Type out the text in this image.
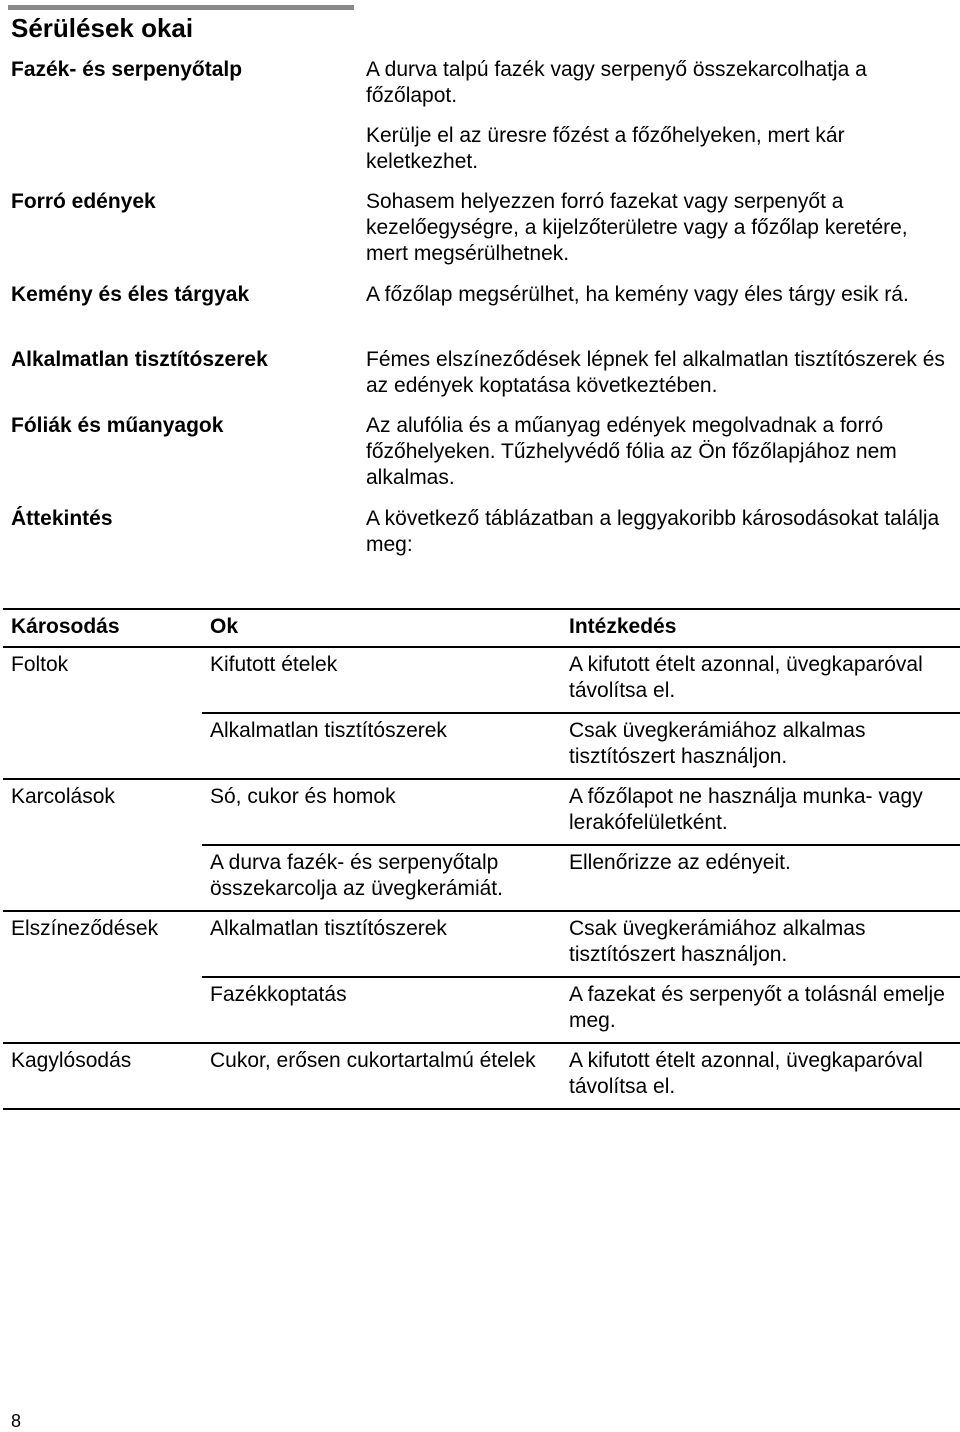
Sérülések okai
Fazék- és serpenyőtalp	A durva talpú fazék vagy serpenyő összekarcolhatja a főzőlapot.

Kerülje el az üresre főzést a főzőhelyeken, mert kár keletkezhet.

Forró edények	Sohasem helyezzen forró fazekat vagy serpenyőt a kezelőegységre, a kijelzőterületre vagy a főzőlap keretére, mert megsérülhetnek.

Kemény és éles tárgyak	A főzőlap megsérülhet, ha kemény vagy éles tárgy esik rá.

Alkalmatlan tisztítószerek	Fémes elszíneződések lépnek fel alkalmatlan tisztítószerek és az edények koptatása következtében.

Fóliák és műanyagok	Az alufólia és a műanyag edények megolvadnak a forró főzőhelyeken. Tűzhelyvédő fólia az Ön főzőlapjához nem alkalmas.

Áttekintés	A következő táblázatban a leggyakoribb károsodásokat találja meg:

Károsodás	Ok	Intézkedés
Foltok	Kifutott ételek	A kifutott ételt azonnal, üvegkaparóval távolítsa el.
	Alkalmatlan tisztítószerek	Csak üvegkerámiához alkalmas tisztítószert használjon.
Karcolások	Só, cukor és homok	A főzőlapot ne használja munka- vagy lerakófelületként.
	A durva fazék- és serpenyőtalp összekarcolja az üvegkerámiát.	Ellenőrizze az edényeit.
Elszíneződések	Alkalmatlan tisztítószerek	Csak üvegkerámiához alkalmas tisztítószert használjon.
	Fazékkoptatás	A fazekat és serpenyőt a tolásnál emelje meg.
Kagylósodás	Cukor, erősen cukortartalmú ételek	A kifutott ételt azonnal, üvegkaparóval távolítsa el.
8
